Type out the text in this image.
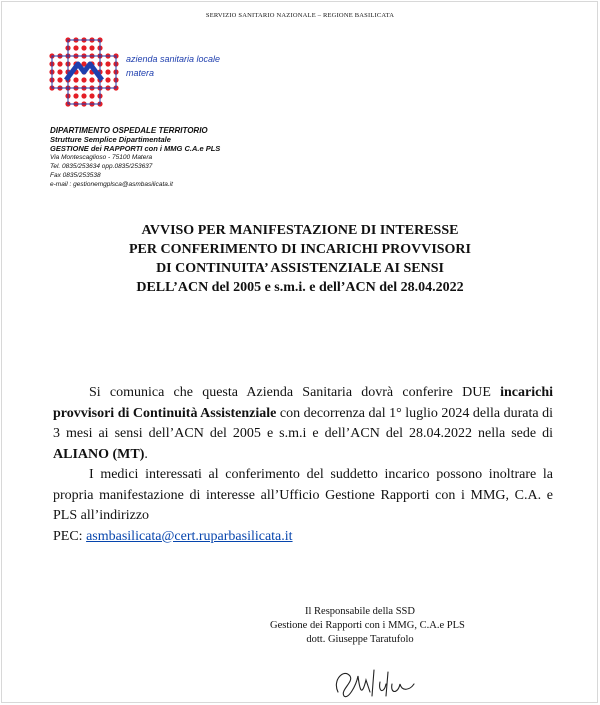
SERVIZIO SANITARIO NAZIONALE – REGIONE BASILICATA
azienda sanitaria locale
matera
DIPARTIMENTO OSPEDALE TERRITORIO
Strutture Semplice Dipartimentale
GESTIONE dei RAPPORTI con i MMG C.A.e PLS
Via Montescaglioso - 75100 Matera
Tel. 0835/253634 opp.0835/253637
Fax 0835/253538
e-mail : gestionemgplsca@asmbasilicata.it
AVVISO PER MANIFESTAZIONE DI INTERESSE
PER CONFERIMENTO DI INCARICHI PROVVISORI
DI CONTINUITA’ ASSISTENZIALE AI SENSI
DELL’ACN del 2005 e s.m.i. e dell’ACN del 28.04.2022

Si comunica che questa Azienda Sanitaria dovrà conferire DUE incarichi provvisori di Continuità Assistenziale con decorrenza dal 1° luglio 2024 della durata di 3 mesi ai sensi dell’ACN del 2005 e s.m.i e dell’ACN del 28.04.2022 nella sede di ALIANO (MT).

I medici interessati al conferimento del suddetto incarico possono inoltrare la propria manifestazione di interesse all’Ufficio Gestione Rapporti con i MMG, C.A. e PLS all’indirizzo

PEC: asmbasilicata@cert.ruparbasilicata.it

Il Responsabile della SSD
Gestione dei Rapporti con i MMG, C.A.e PLS
dott. Giuseppe Taratufolo
